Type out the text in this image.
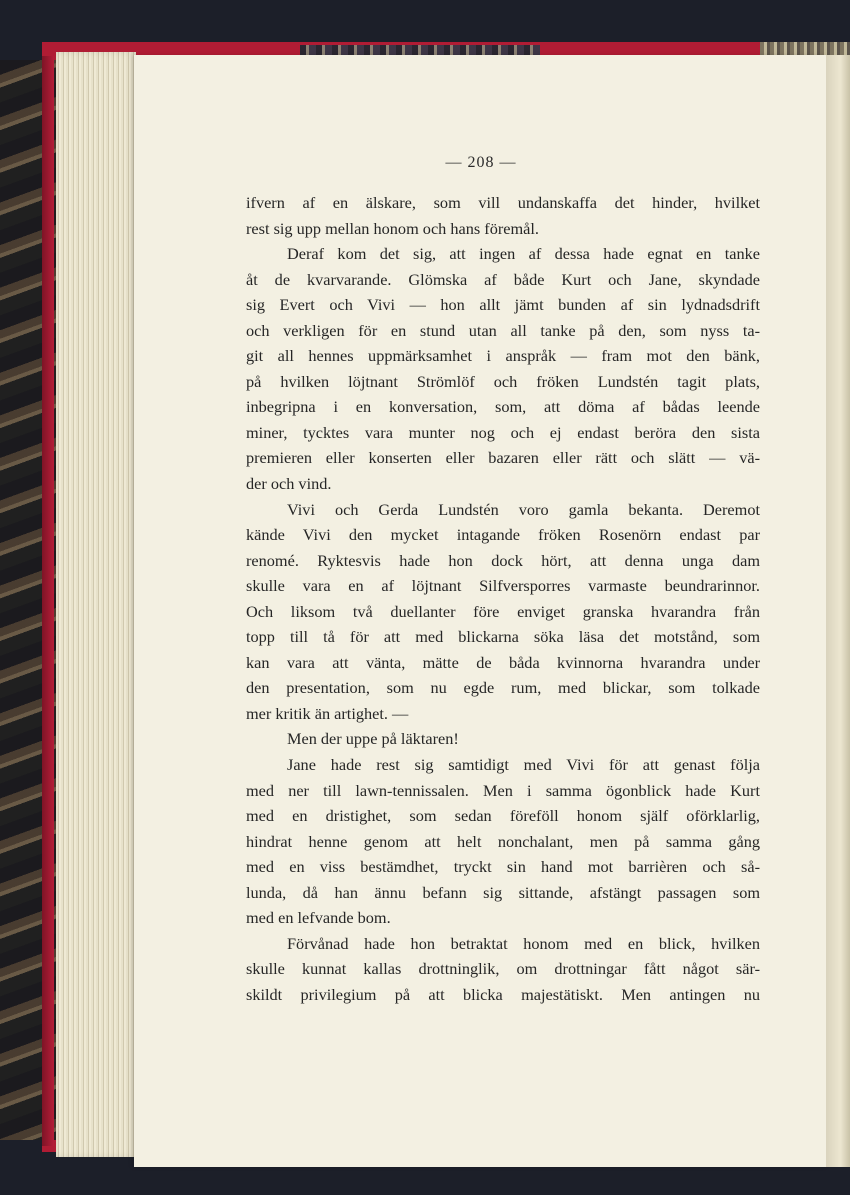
— 208 —

ifvern af en älskare, som vill undanskaffa det hinder, hvilket

rest sig upp mellan honom och hans föremål.

Deraf kom det sig, att ingen af dessa hade egnat en tanke

åt de kvarvarande. Glömska af både Kurt och Jane, skyndade

sig Evert och Vivi — hon allt jämt bunden af sin lydnadsdrift

och verkligen för en stund utan all tanke på den, som nyss ta-

git all hennes uppmärksamhet i anspråk — fram mot den bänk,

på hvilken löjtnant Strömlöf och fröken Lundstén tagit plats,

inbegripna i en konversation, som, att döma af bådas leende

miner, tycktes vara munter nog och ej endast beröra den sista

premieren eller konserten eller bazaren eller rätt och slätt — vä-

der och vind.

Vivi och Gerda Lundstén voro gamla bekanta. Deremot

kände Vivi den mycket intagande fröken Rosenörn endast par

renomé. Ryktesvis hade hon dock hört, att denna unga dam

skulle vara en af löjtnant Silfversporres varmaste beundrarinnor.

Och liksom två duellanter före enviget granska hvarandra från

topp till tå för att med blickarna söka läsa det motstånd, som

kan vara att vänta, mätte de båda kvinnorna hvarandra under

den presentation, som nu egde rum, med blickar, som tolkade

mer kritik än artighet. —

Men der uppe på läktaren!

Jane hade rest sig samtidigt med Vivi för att genast följa

med ner till lawn-tennissalen. Men i samma ögonblick hade Kurt

med en dristighet, som sedan föreföll honom själf oförklarlig,

hindrat henne genom att helt nonchalant, men på samma gång

med en viss bestämdhet, tryckt sin hand mot barrièren och så-

lunda, då han ännu befann sig sittande, afstängt passagen som

med en lefvande bom.

Förvånad hade hon betraktat honom med en blick, hvilken

skulle kunnat kallas drottninglik, om drottningar fått något sär-

skildt privilegium på att blicka majestätiskt. Men antingen nu
